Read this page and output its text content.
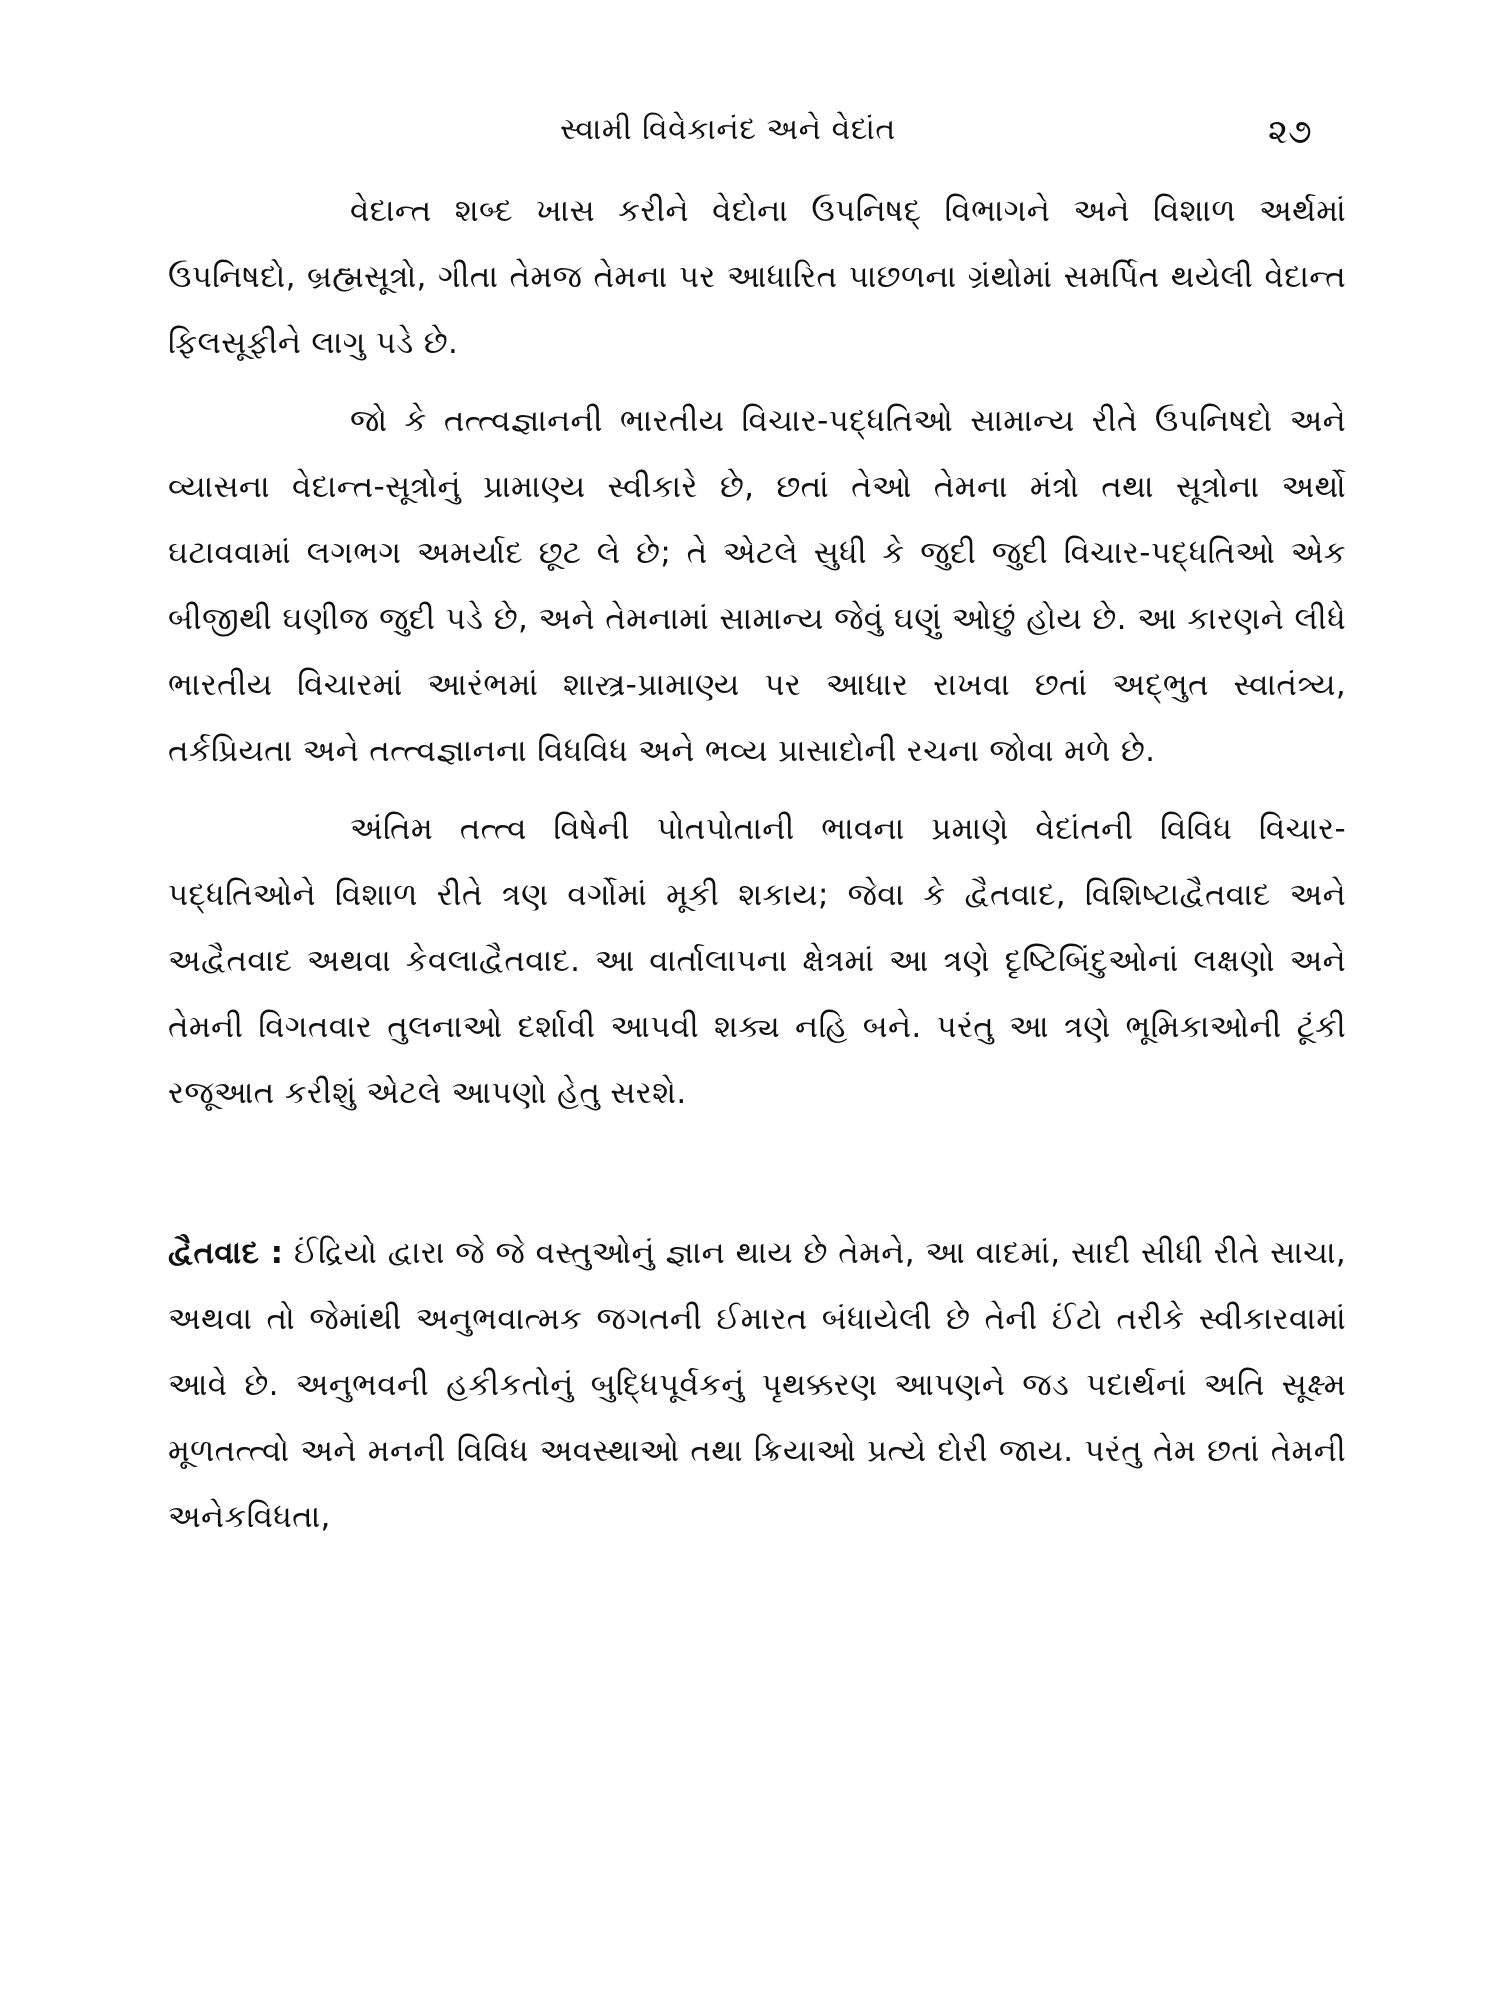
સ્વામી વિવેકાનંદ અને વેદાંત	૨૭

વેદાન્ત શબ્દ ખાસ કરીને વેદોના ઉપનિષદ્ વિભાગને અને વિશાળ અર્થમાં ઉપનિષદો, બ્રહ્મસૂત્રો, ગીતા તેમજ તેમના પર આધારિત પાછળના ગ્રંથોમાં સમર્પિત થયેલી વેદાન્ત ફિલસૂફીને લાગુ પડે છે.

જો કે તત્ત્વજ્ઞાનની ભારતીય વિચાર-પદ્ધતિઓ સામાન્ય રીતે ઉપનિષદો અને વ્યાસના વેદાન્ત-સૂત્રોનું પ્રામાણ્ય સ્વીકારે છે, છતાં તેઓ તેમના મંત્રો તથા સૂત્રોના અર્થો ઘટાવવામાં લગભગ અમર્યાદ છૂટ લે છે; તે એટલે સુધી કે જુદી જુદી વિચાર-પદ્ધતિઓ એક બીજીથી ઘણીજ જુદી પડે છે, અને તેમનામાં સામાન્ય જેવું ઘણું ઓછું હોય છે. આ કારણને લીધે ભારતીય વિચારમાં આરંભમાં શાસ્ત્ર-પ્રામાણ્ય પર આધાર રાખવા છતાં અદ્ભુત સ્વાતંત્ર્ય, તર્કપ્રિયતા અને તત્ત્વજ્ઞાનના વિધવિધ અને ભવ્ય પ્રાસાદોની રચના જોવા મળે છે.

અંતિમ તત્ત્વ વિષેની પોતપોતાની ભાવના પ્રમાણે વેદાંતની વિવિધ વિચાર-પદ્ધતિઓને વિશાળ રીતે ત્રણ વર્ગોમાં મૂકી શકાય; જેવા કે દ્વૈતવાદ, વિશિષ્ટાદ્વૈતવાદ અને અદ્વૈતવાદ અથવા કેવલાદ્વૈતવાદ. આ વાર્તાલાપના ક્ષેત્રમાં આ ત્રણે દૃષ્ટિબિંદુઓનાં લક્ષણો અને તેમની વિગતવાર તુલનાઓ દર્શાવી આપવી શક્ય નહિ બને. પરંતુ આ ત્રણે ભૂમિકાઓની ટૂંકી રજૂઆત કરીશું એટલે આપણો હેતુ સરશે.

દ્વૈતવાદ : ઈંદ્રિયો દ્વારા જે જે વસ્તુઓનું જ્ઞાન થાય છે તેમને, આ વાદમાં, સાદી સીધી રીતે સાચા, અથવા તો જેમાંથી અનુભવાત્મક જગતની ઈમારત બંધાયેલી છે તેની ઈંટો તરીકે સ્વીકારવામાં આવે છે. અનુભવની હકીકતોનું બુદ્ધિપૂર્વકનું પૃથક્કરણ આપણને જડ પદાર્થનાં અતિ સૂક્ષ્મ મૂળતત્ત્વો અને મનની વિવિધ અવસ્થાઓ તથા ક્રિયાઓ પ્રત્યે દોરી જાય. પરંતુ તેમ છતાં તેમની અનેકવિધતા,
